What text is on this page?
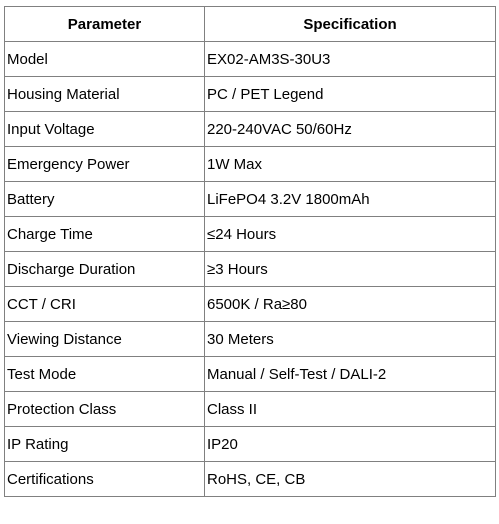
Parameter	Specification
Model	EX02-AM3S-30U3
Housing Material	PC / PET Legend
Input Voltage	220-240VAC 50/60Hz
Emergency Power	1W Max
Battery	LiFePO4 3.2V 1800mAh
Charge Time	≤24 Hours
Discharge Duration	≥3 Hours
CCT / CRI	6500K / Ra≥80
Viewing Distance	30 Meters
Test Mode	Manual / Self-Test / DALI-2
Protection Class	Class II
IP Rating	IP20
Certifications	RoHS, CE, CB
